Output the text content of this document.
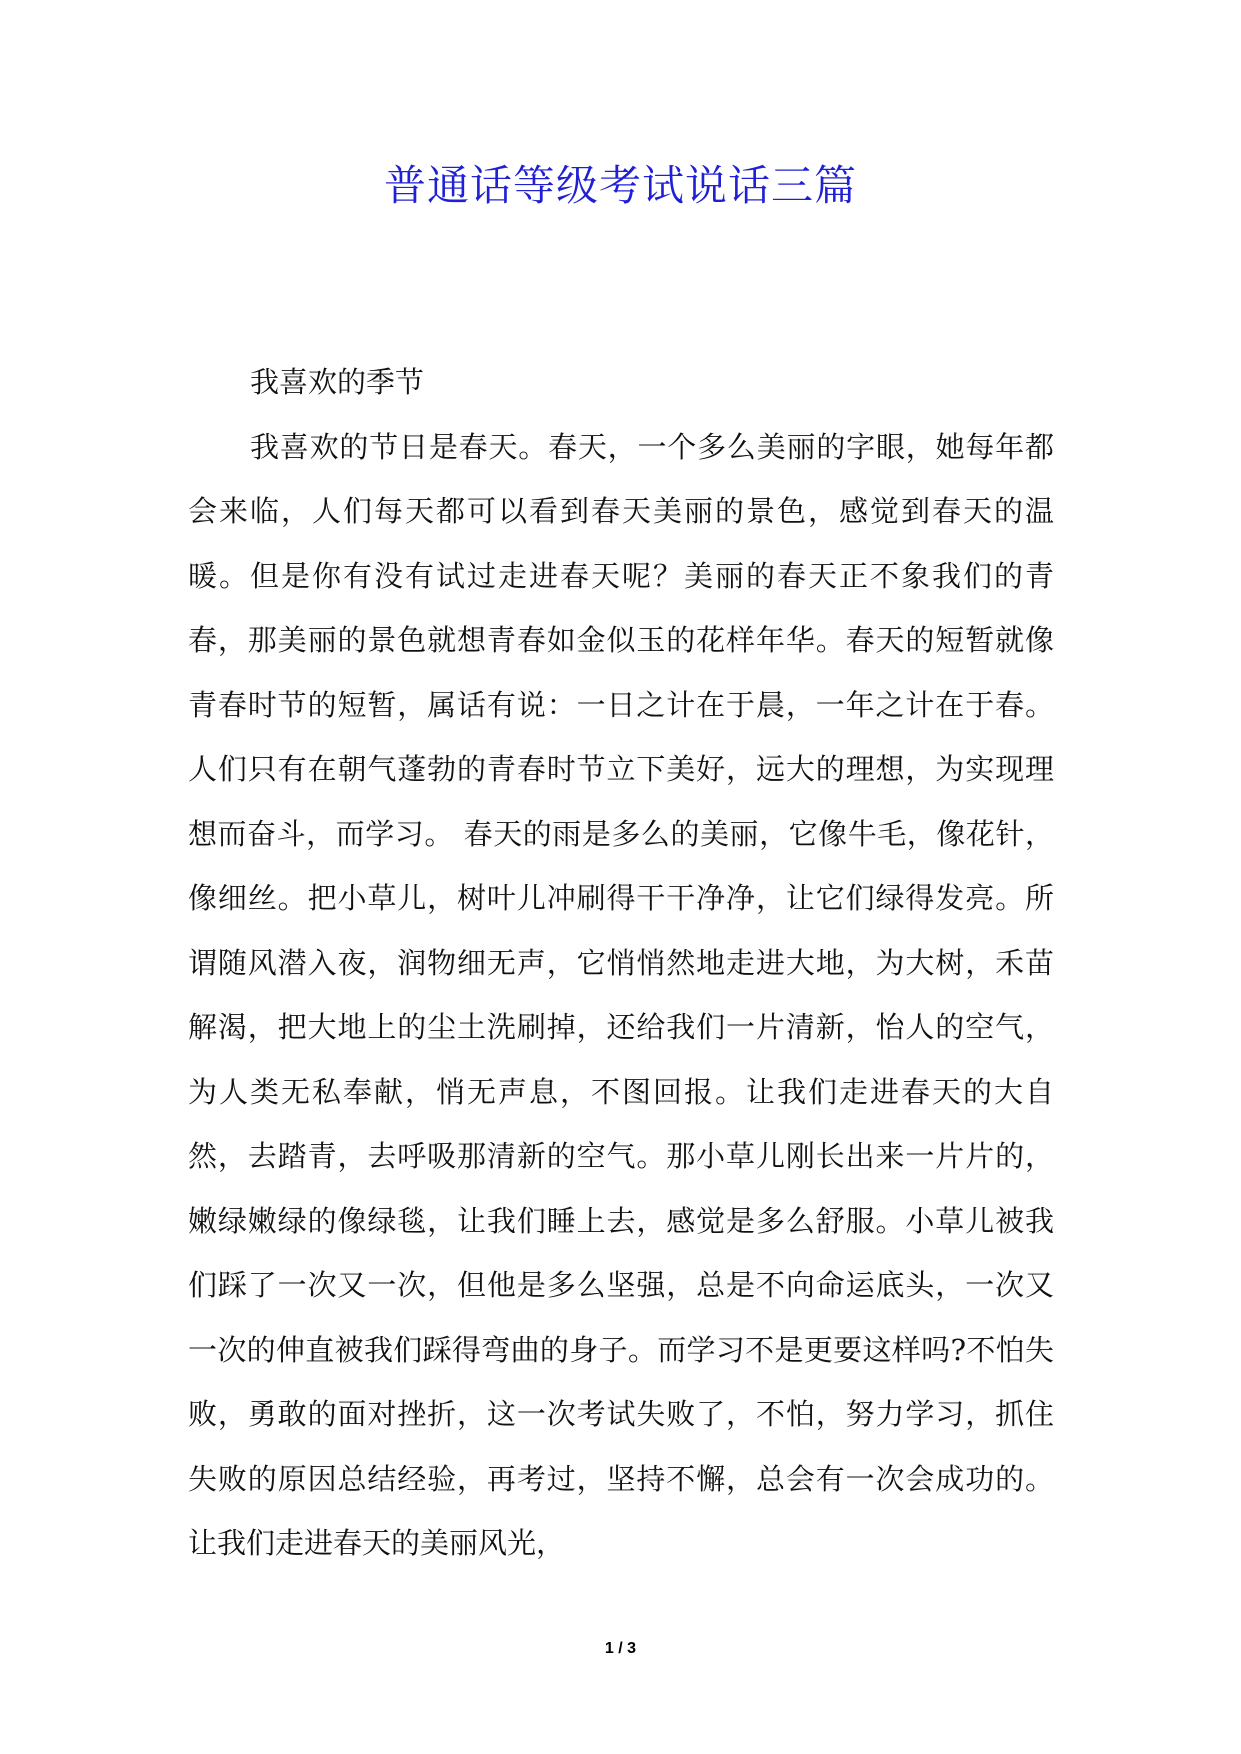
普通话等级考试说话三篇

我喜欢的季节

我喜欢的节日是春天。春天，一个多么美丽的字眼，她每年都会来临，人们每天都可以看到春天美丽的景色，感觉到春天的温暖。但是你有没有试过走进春天呢？美丽的春天正不象我们的青春，那美丽的景色就想青春如金似玉的花样年华。春天的短暂就像青春时节的短暂，属话有说：一日之计在于晨，一年之计在于春。人们只有在朝气蓬勃的青春时节立下美好，远大的理想，为实现理想而奋斗，而学习。 春天的雨是多么的美丽，它像牛毛，像花针，像细丝。把小草儿，树叶儿冲刷得干干净净，让它们绿得发亮。所谓随风潜入夜，润物细无声，它悄悄然地走进大地，为大树，禾苗解渴，把大地上的尘土洗刷掉，还给我们一片清新，怡人的空气，为人类无私奉献，悄无声息，不图回报。让我们走进春天的大自然，去踏青，去呼吸那清新的空气。那小草儿刚长出来一片片的，嫩绿嫩绿的像绿毯，让我们睡上去，感觉是多么舒服。小草儿被我们踩了一次又一次，但他是多么坚强，总是不向命运底头，一次又一次的伸直被我们踩得弯曲的身子。而学习不是更要这样吗?不怕失败，勇敢的面对挫折，这一次考试失败了，不怕，努力学习，抓住失败的原因总结经验，再考过，坚持不懈，总会有一次会成功的。 让我们走进春天的美丽风光，

1 / 3
